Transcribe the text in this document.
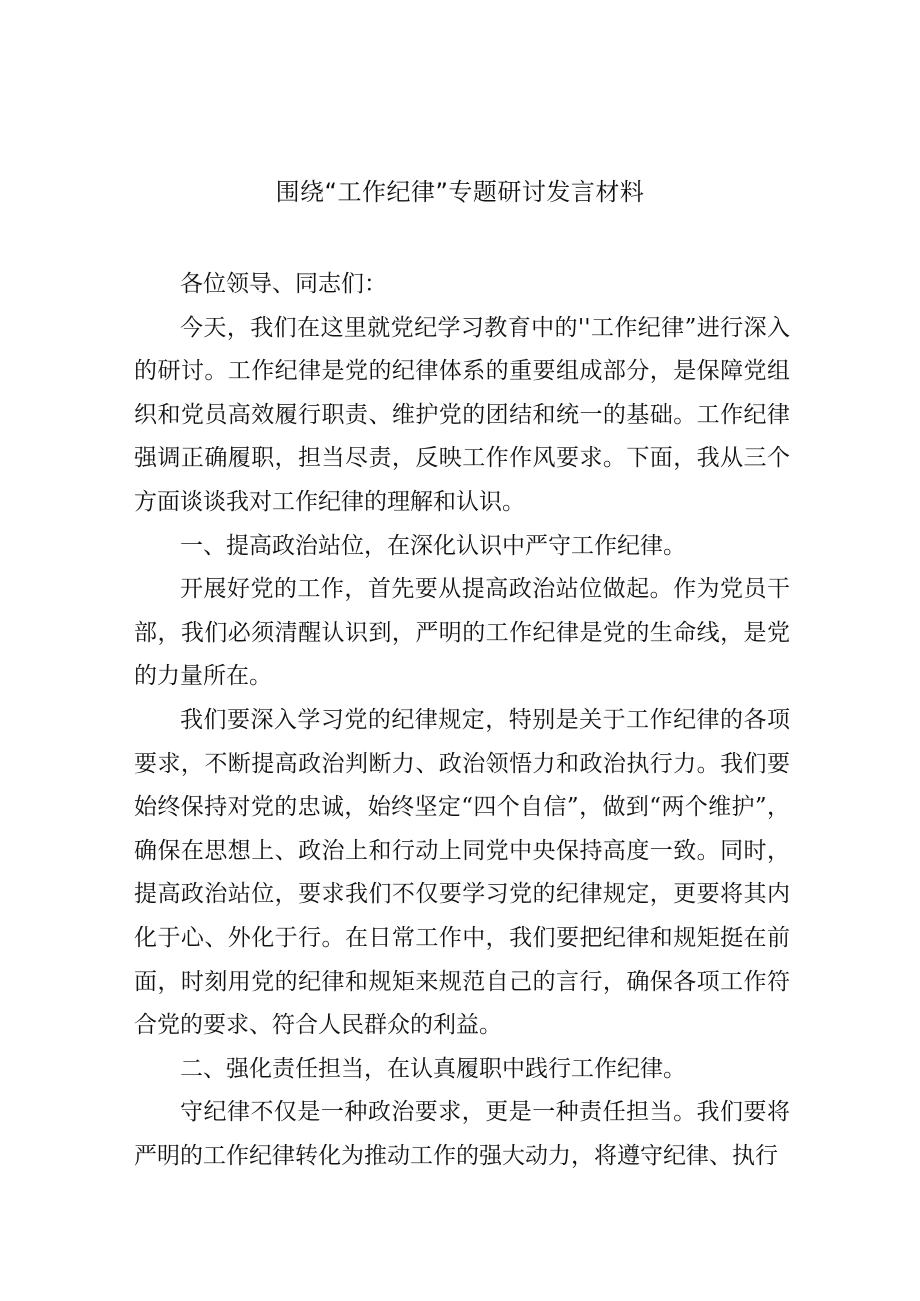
围绕“工作纪律”专题研讨发言材料

各位领导、同志们：

今天，我们在这里就党纪学习教育中的''工作纪律”进行深入的研讨。工作纪律是党的纪律体系的重要组成部分，是保障党组织和党员高效履行职责、维护党的团结和统一的基础。工作纪律强调正确履职，担当尽责，反映工作作风要求。下面，我从三个方面谈谈我对工作纪律的理解和认识。

一、提高政治站位，在深化认识中严守工作纪律。

开展好党的工作，首先要从提高政治站位做起。作为党员干部，我们必须清醒认识到，严明的工作纪律是党的生命线，是党的力量所在。

我们要深入学习党的纪律规定，特别是关于工作纪律的各项要求，不断提高政治判断力、政治领悟力和政治执行力。我们要始终保持对党的忠诚，始终坚定“四个自信”，做到“两个维护”，确保在思想上、政治上和行动上同党中央保持高度一致。同时，提高政治站位，要求我们不仅要学习党的纪律规定，更要将其内化于心、外化于行。在日常工作中，我们要把纪律和规矩挺在前面，时刻用党的纪律和规矩来规范自己的言行，确保各项工作符合党的要求、符合人民群众的利益。

二、强化责任担当，在认真履职中践行工作纪律。

守纪律不仅是一种政治要求，更是一种责任担当。我们要将严明的工作纪律转化为推动工作的强大动力，将遵守纪律、执行
